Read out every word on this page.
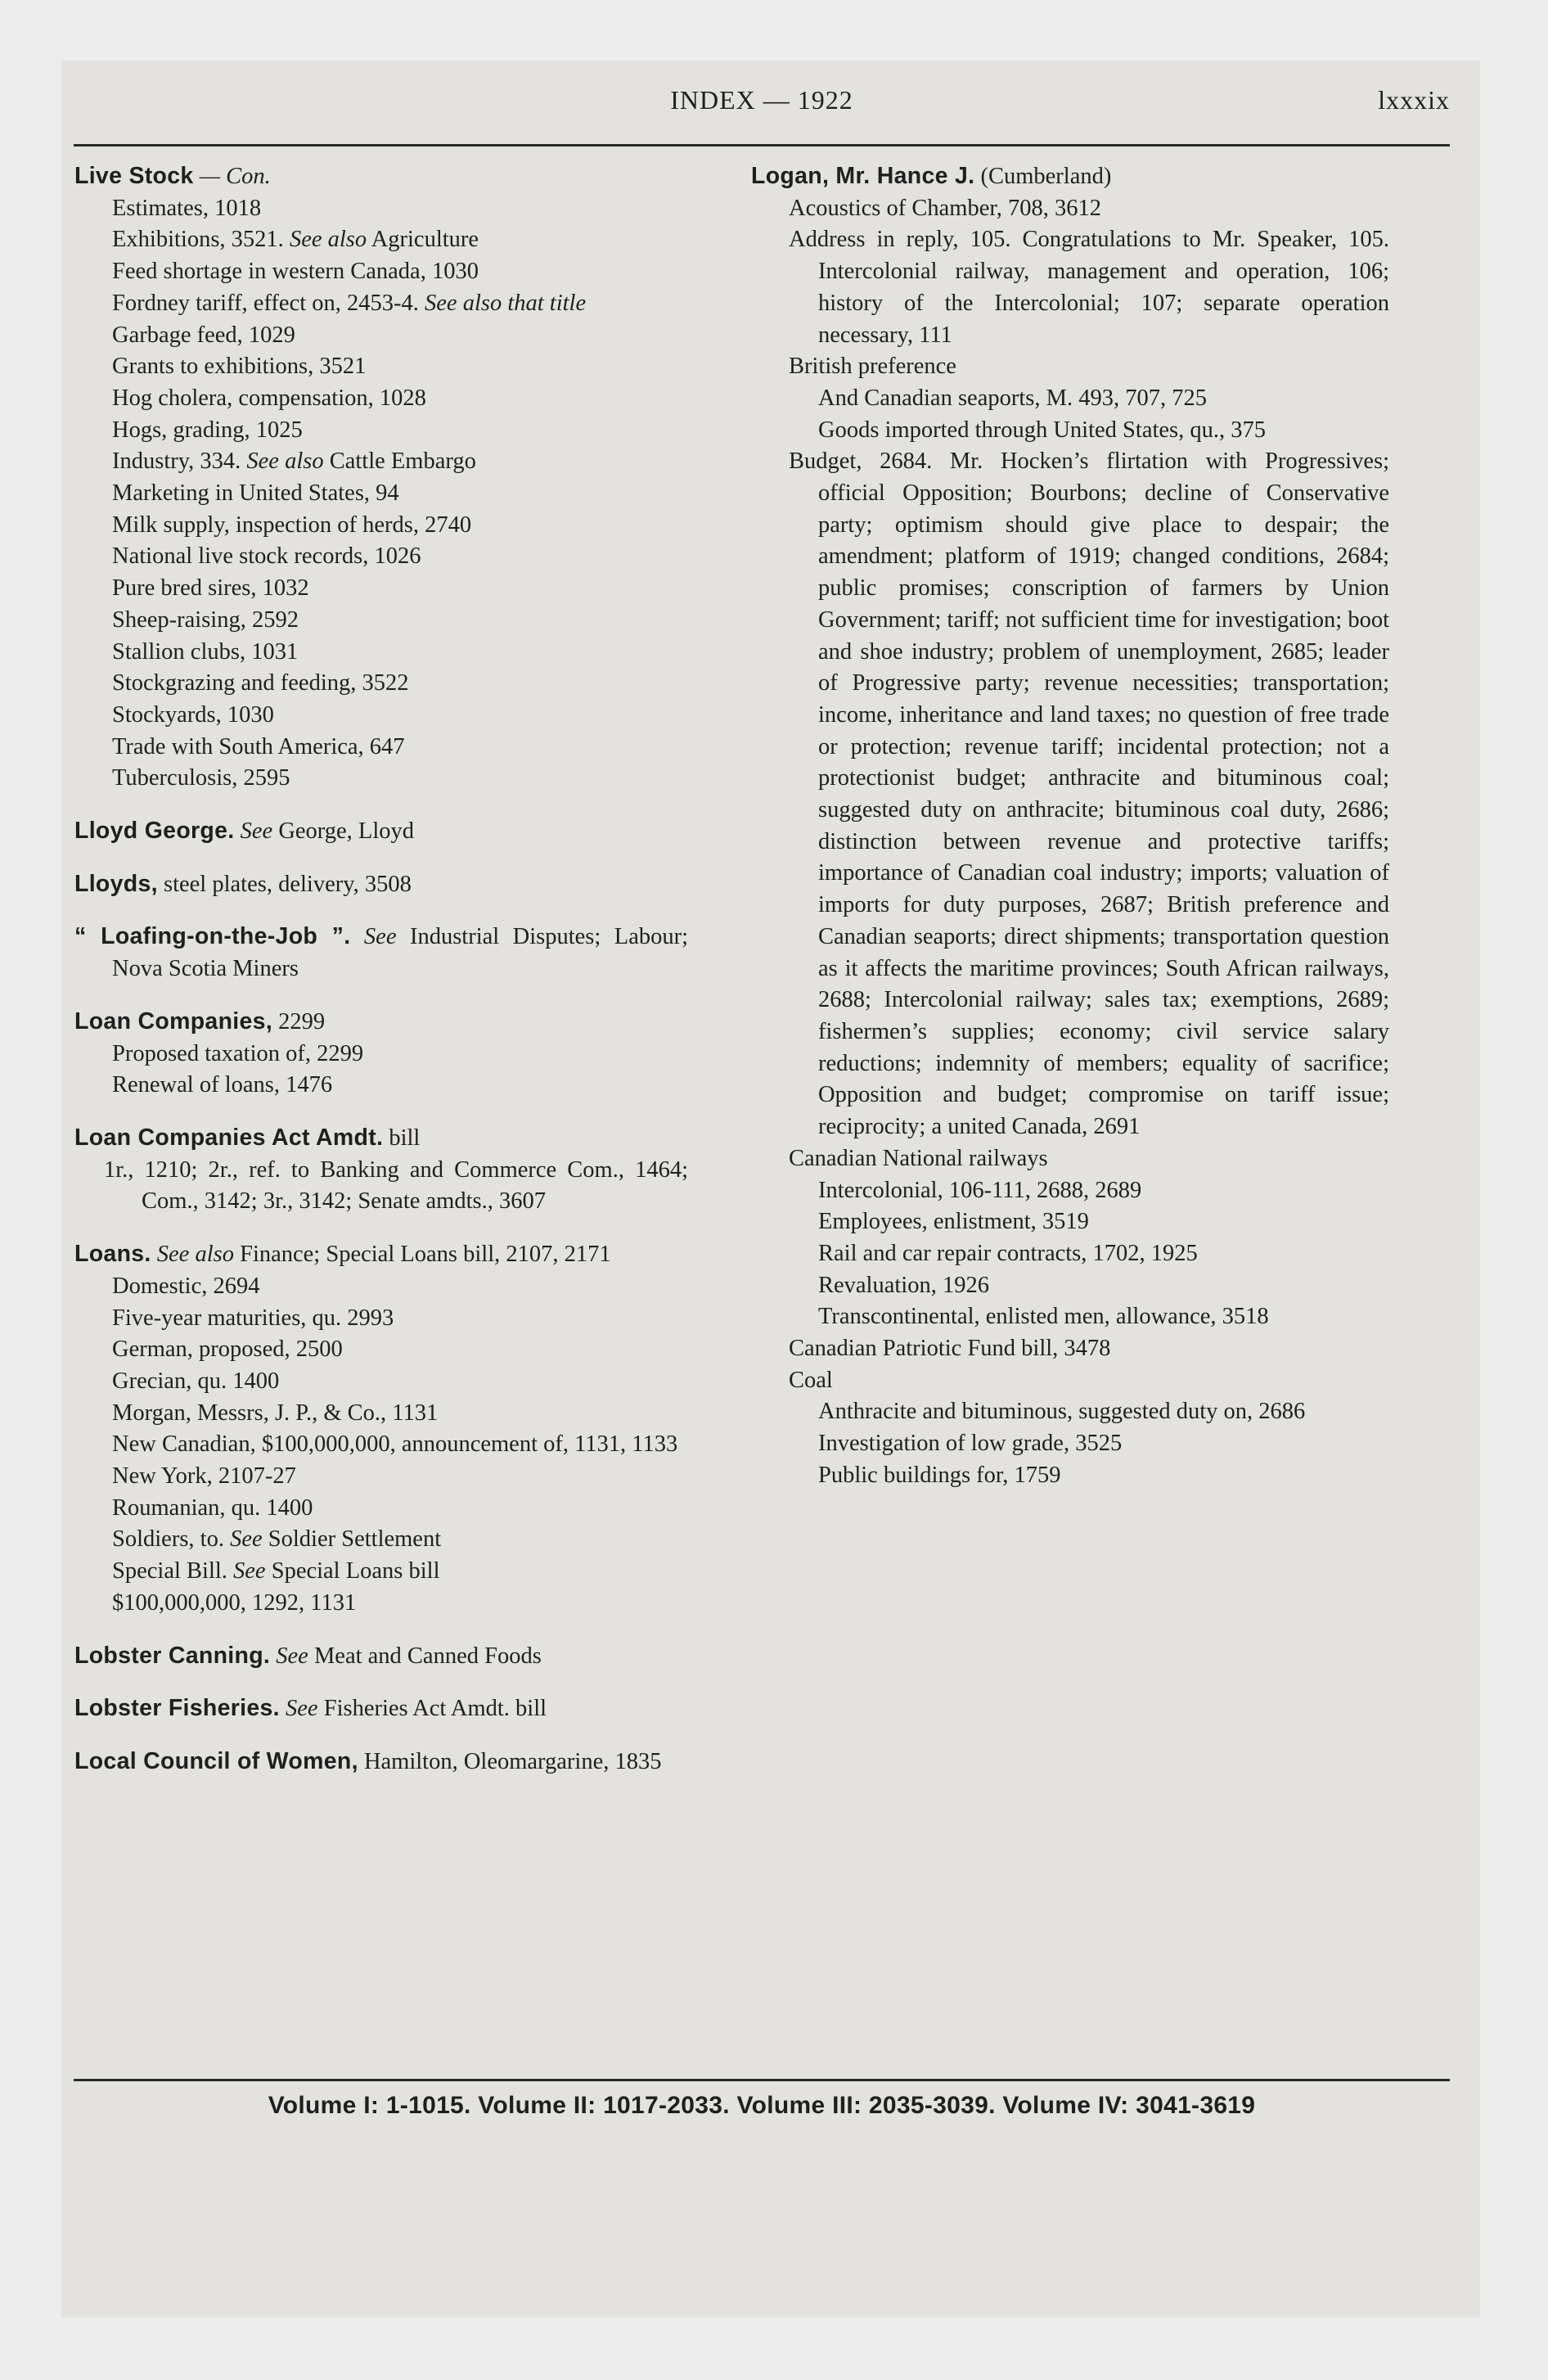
INDEX — 1922	lxxxix

Live Stock — Con.

Estimates, 1018

Exhibitions, 3521. See also Agriculture

Feed shortage in western Canada, 1030

Fordney tariff, effect on, 2453-4. See also that title

Garbage feed, 1029

Grants to exhibitions, 3521

Hog cholera, compensation, 1028

Hogs, grading, 1025

Industry, 334. See also Cattle Embargo

Marketing in United States, 94

Milk supply, inspection of herds, 2740

National live stock records, 1026

Pure bred sires, 1032

Sheep-raising, 2592

Stallion clubs, 1031

Stockgrazing and feeding, 3522

Stockyards, 1030

Trade with South America, 647

Tuberculosis, 2595

Lloyd George. See George, Lloyd

Lloyds, steel plates, delivery, 3508

“ Loafing-on-the-Job ”. See Industrial Disputes; Labour; Nova Scotia Miners

Loan Companies, 2299

Proposed taxation of, 2299

Renewal of loans, 1476

Loan Companies Act Amdt. bill

1r., 1210; 2r., ref. to Banking and Commerce Com., 1464; Com., 3142; 3r., 3142; Senate amdts., 3607

Loans. See also Finance; Special Loans bill, 2107, 2171

Domestic, 2694

Five-year maturities, qu. 2993

German, proposed, 2500

Grecian, qu. 1400

Morgan, Messrs, J. P., & Co., 1131

New Canadian, $100,000,000, announcement of, 1131, 1133

New York, 2107-27

Roumanian, qu. 1400

Soldiers, to. See Soldier Settlement

Special Bill. See Special Loans bill

$100,000,000, 1292, 1131

Lobster Canning. See Meat and Canned Foods

Lobster Fisheries. See Fisheries Act Amdt. bill

Local Council of Women, Hamilton, Oleomargarine, 1835

Logan, Mr. Hance J. (Cumberland)

Acoustics of Chamber, 708, 3612

Address in reply, 105. Congratulations to Mr. Speaker, 105. Intercolonial railway, management and operation, 106; history of the Intercolonial; 107; separate operation necessary, 111

British preference

And Canadian seaports, M. 493, 707, 725

Goods imported through United States, qu., 375

Budget, 2684. Mr. Hocken’s flirtation with Progressives; official Opposition; Bourbons; decline of Conservative party; optimism should give place to despair; the amendment; platform of 1919; changed conditions, 2684; public promises; conscription of farmers by Union Government; tariff; not sufficient time for investigation; boot and shoe industry; problem of unemployment, 2685; leader of Progressive party; revenue necessities; transportation; income, inheritance and land taxes; no question of free trade or protection; revenue tariff; incidental protection; not a protectionist budget; anthracite and bituminous coal; suggested duty on anthracite; bituminous coal duty, 2686; distinction between revenue and protective tariffs; importance of Canadian coal industry; imports; valuation of imports for duty purposes, 2687; British preference and Canadian seaports; direct shipments; transportation question as it affects the maritime provinces; South African railways, 2688; Intercolonial railway; sales tax; exemptions, 2689; fishermen’s supplies; economy; civil service salary reductions; indemnity of members; equality of sacrifice; Opposition and budget; compromise on tariff issue; reciprocity; a united Canada, 2691

Canadian National railways

Intercolonial, 106-111, 2688, 2689

Employees, enlistment, 3519

Rail and car repair contracts, 1702, 1925

Revaluation, 1926

Transcontinental, enlisted men, allowance, 3518

Canadian Patriotic Fund bill, 3478

Coal

Anthracite and bituminous, suggested duty on, 2686

Investigation of low grade, 3525

Public buildings for, 1759

Volume I: 1-1015. Volume II: 1017-2033. Volume III: 2035-3039. Volume IV: 3041-3619
